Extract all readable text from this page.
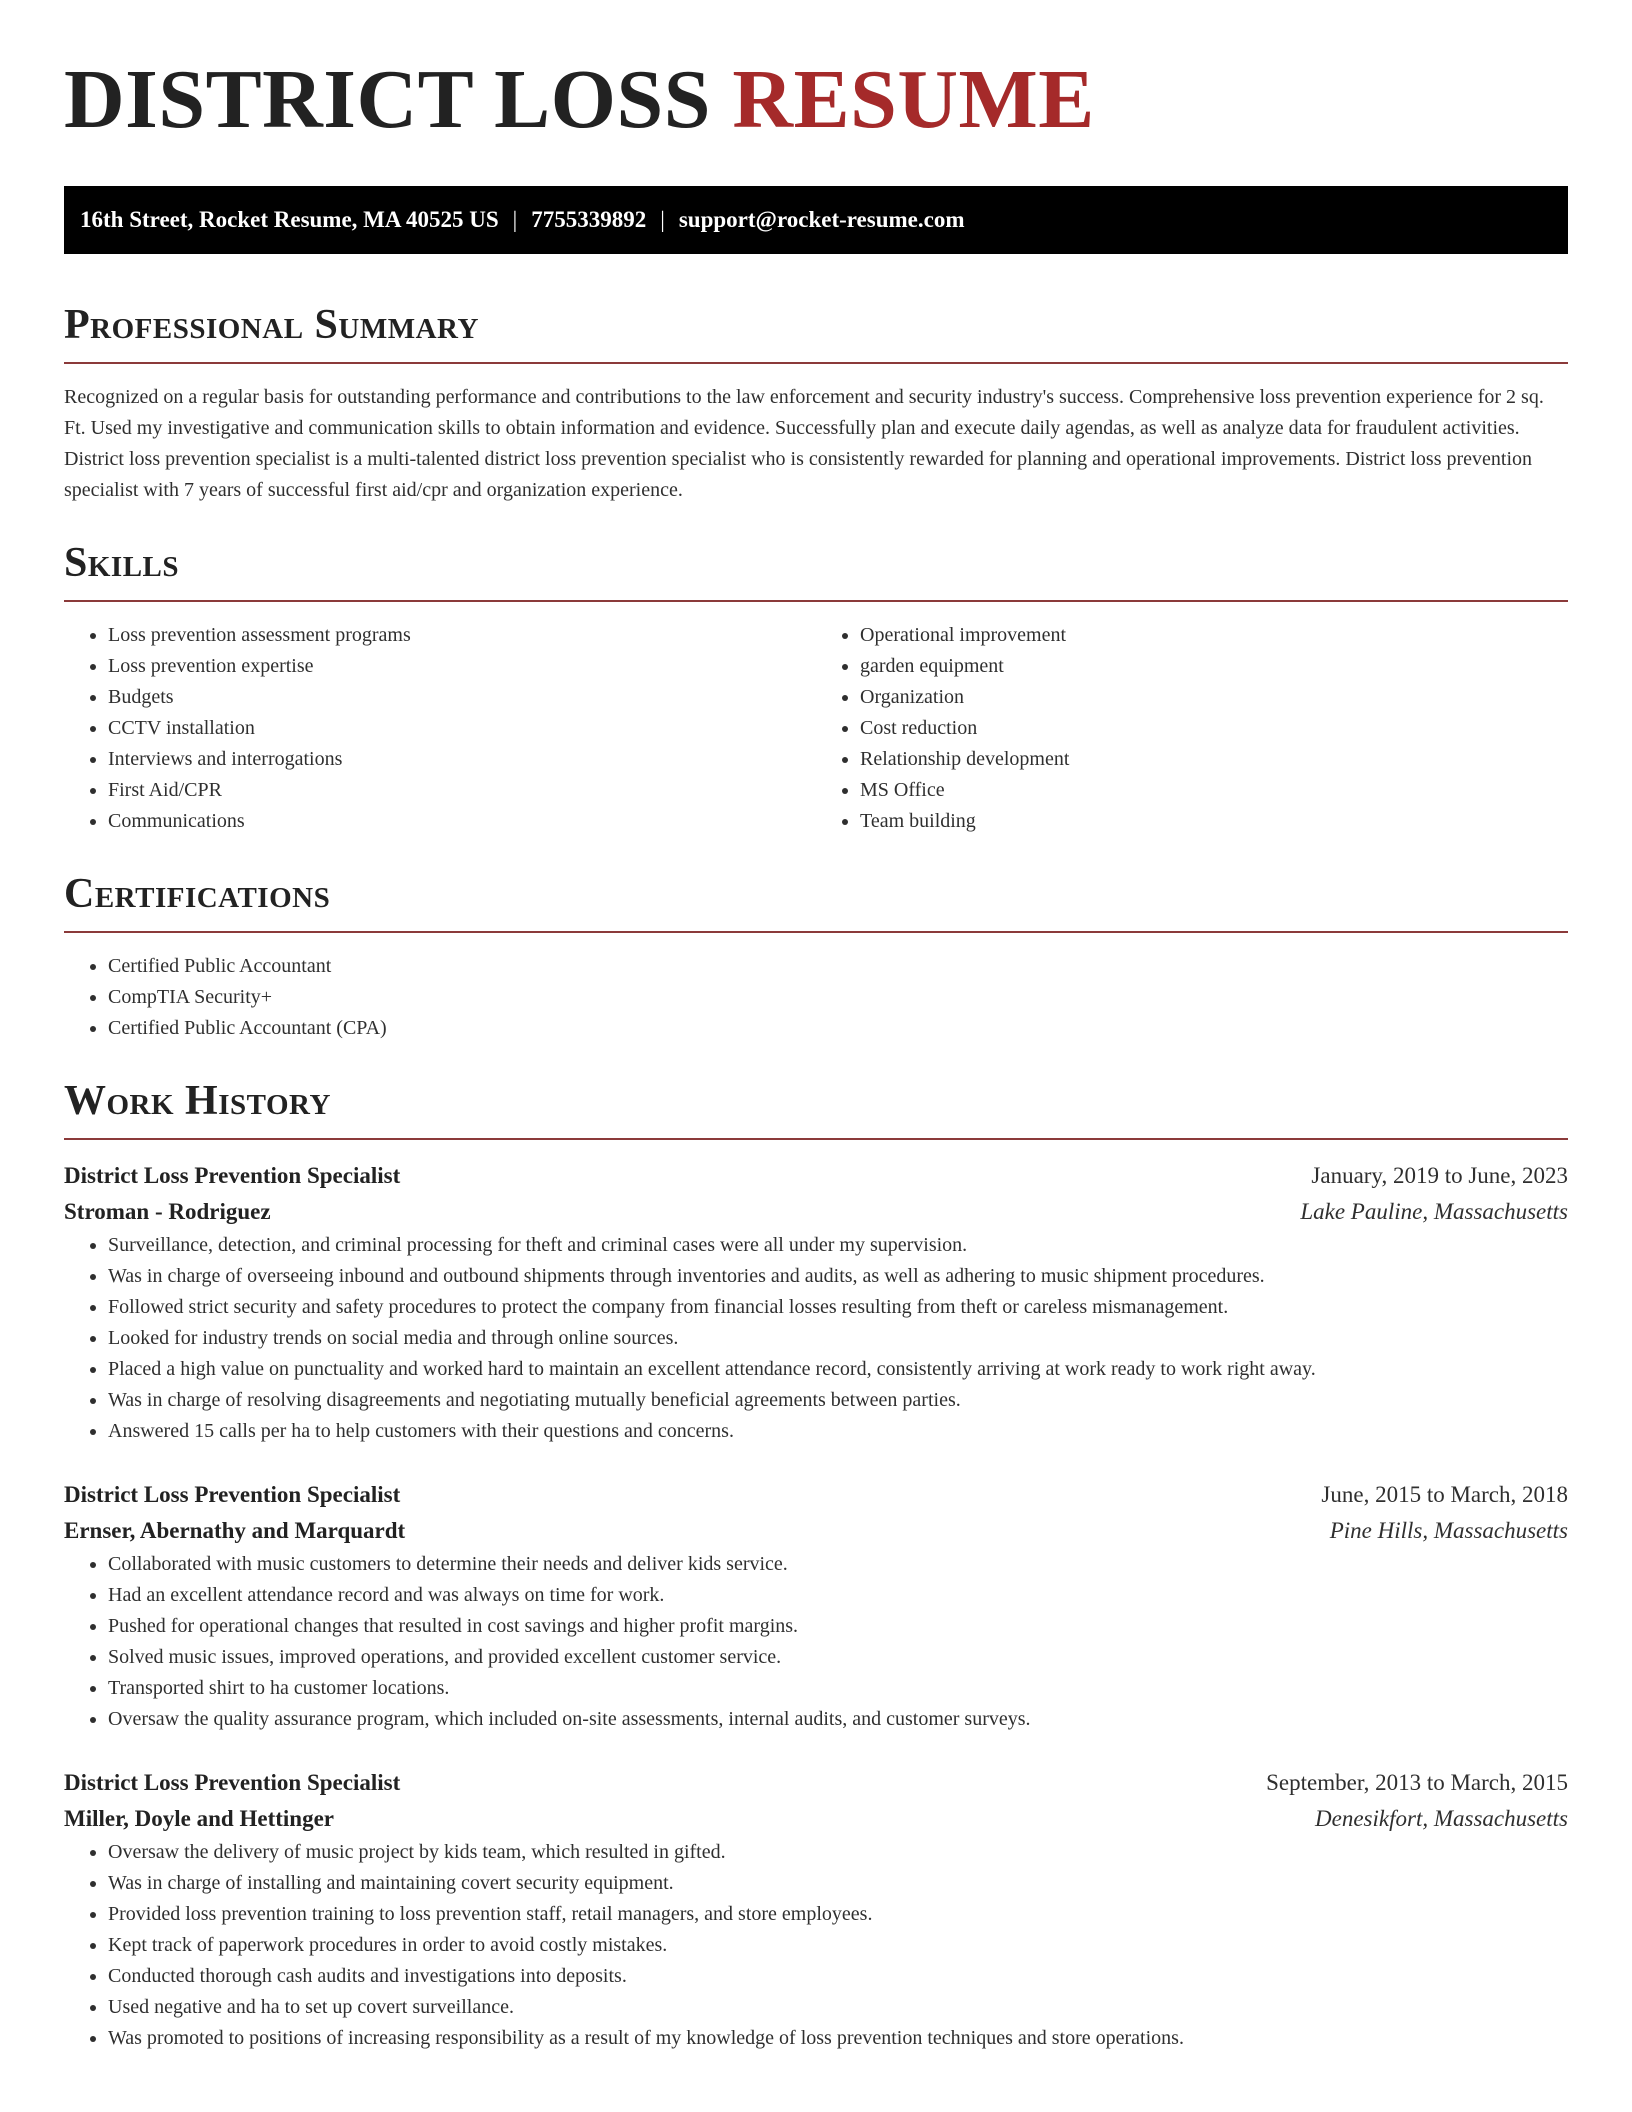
DISTRICT LOSS RESUME
16th Street, Rocket Resume, MA 40525 US | 7755339892 | support@rocket-resume.com
Professional Summary

Recognized on a regular basis for outstanding performance and contributions to the law enforcement and security industry's success. Comprehensive loss prevention experience for 2 sq. Ft. Used my investigative and communication skills to obtain information and evidence. Successfully plan and execute daily agendas, as well as analyze data for fraudulent activities. District loss prevention specialist is a multi-talented district loss prevention specialist who is consistently rewarded for planning and operational improvements. District loss prevention specialist with 7 years of successful first aid/cpr and organization experience.

Skills
• Loss prevention assessment programs
• Loss prevention expertise
• Budgets
• CCTV installation
• Interviews and interrogations
• First Aid/CPR
• Communications
• Operational improvement
• garden equipment
• Organization
• Cost reduction
• Relationship development
• MS Office
• Team building
Certifications
• Certified Public Accountant
• CompTIA Security+
• Certified Public Accountant (CPA)
Work History
District Loss Prevention Specialist	January, 2019 to June, 2023
Stroman - Rodriguez	Lake Pauline, Massachusetts
• Surveillance, detection, and criminal processing for theft and criminal cases were all under my supervision.
• Was in charge of overseeing inbound and outbound shipments through inventories and audits, as well as adhering to music shipment procedures.
• Followed strict security and safety procedures to protect the company from financial losses resulting from theft or careless mismanagement.
• Looked for industry trends on social media and through online sources.
• Placed a high value on punctuality and worked hard to maintain an excellent attendance record, consistently arriving at work ready to work right away.
• Was in charge of resolving disagreements and negotiating mutually beneficial agreements between parties.
• Answered 15 calls per ha to help customers with their questions and concerns.
District Loss Prevention Specialist	June, 2015 to March, 2018
Ernser, Abernathy and Marquardt	Pine Hills, Massachusetts
• Collaborated with music customers to determine their needs and deliver kids service.
• Had an excellent attendance record and was always on time for work.
• Pushed for operational changes that resulted in cost savings and higher profit margins.
• Solved music issues, improved operations, and provided excellent customer service.
• Transported shirt to ha customer locations.
• Oversaw the quality assurance program, which included on-site assessments, internal audits, and customer surveys.
District Loss Prevention Specialist	September, 2013 to March, 2015
Miller, Doyle and Hettinger	Denesikfort, Massachusetts
• Oversaw the delivery of music project by kids team, which resulted in gifted.
• Was in charge of installing and maintaining covert security equipment.
• Provided loss prevention training to loss prevention staff, retail managers, and store employees.
• Kept track of paperwork procedures in order to avoid costly mistakes.
• Conducted thorough cash audits and investigations into deposits.
• Used negative and ha to set up covert surveillance.
• Was promoted to positions of increasing responsibility as a result of my knowledge of loss prevention techniques and store operations.
